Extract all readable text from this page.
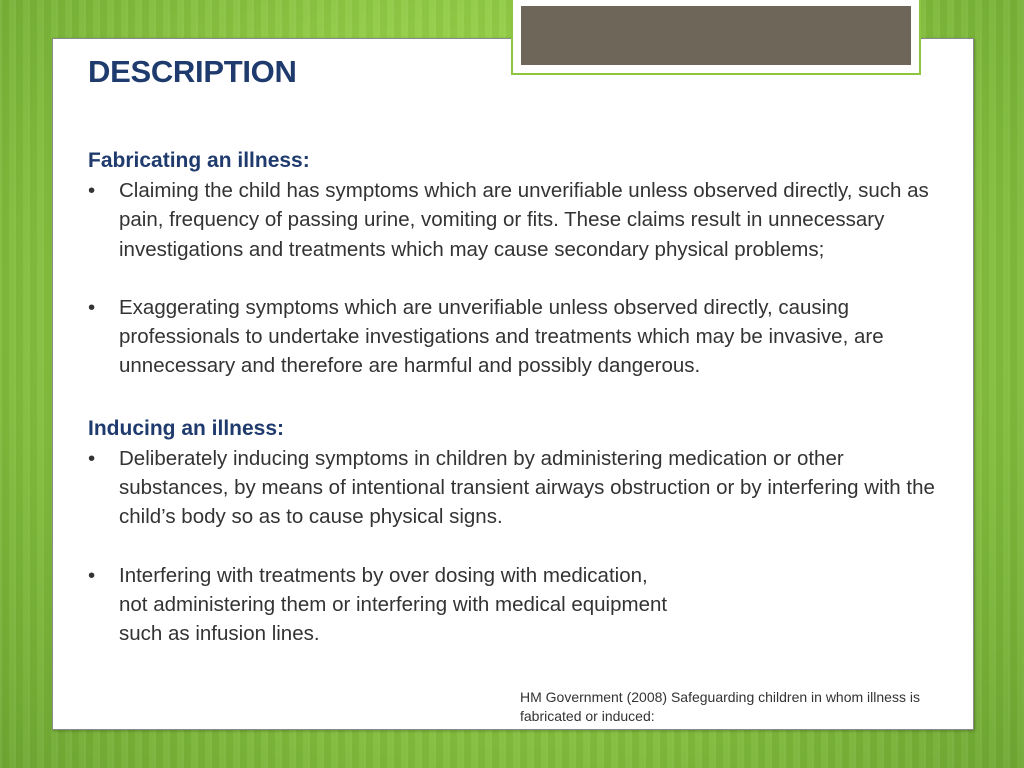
DESCRIPTION

Fabricating an illness:

•	Claiming the child has symptoms which are unverifiable unless observed directly, such as pain, frequency of passing urine, vomiting or fits. These claims result in unnecessary investigations and treatments which may cause secondary physical problems;

•	Exaggerating symptoms which are unverifiable unless observed directly, causing professionals to undertake investigations and treatments which may be invasive, are unnecessary and therefore are harmful and possibly dangerous.

Inducing an illness:

•	Deliberately inducing symptoms in children by administering medication or other substances, by means of intentional transient airways obstruction or by interfering with the child’s body so as to cause physical signs.

•	Interfering with treatments by over dosing with medication, not administering them or interfering with medical equipment such as infusion lines.

HM Government (2008) Safeguarding children in whom illness is fabricated or induced:
